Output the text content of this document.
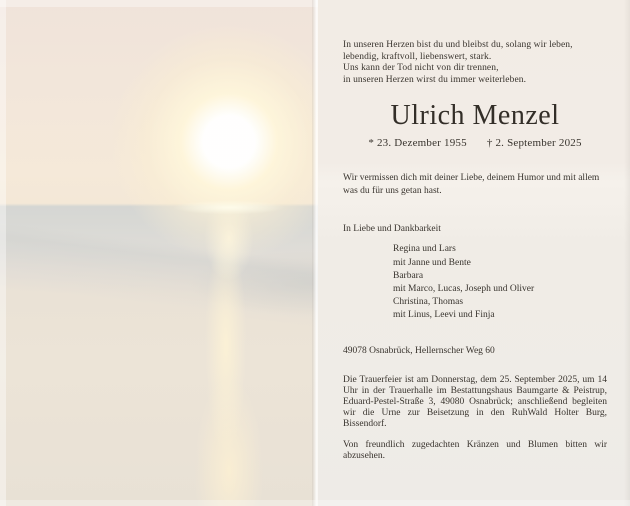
In unseren Herzen bist du und bleibst du, solang wir leben,
lebendig, kraftvoll, liebenswert, stark.
Uns kann der Tod nicht von dir trennen,
in unseren Herzen wirst du immer weiterleben.
Ulrich Menzel
* 23. Dezember 1955 † 2. September 2025

Wir vermissen dich mit deiner Liebe, deinem Humor und mit allem was du für uns getan hast.

In Liebe und Dankbarkeit

Regina und Lars
mit Janne und Bente
Barbara
mit Marco, Lucas, Joseph und Oliver
Christina, Thomas
mit Linus, Leevi und Finja

49078 Osnabrück, Hellernscher Weg 60

Die Trauerfeier ist am Donnerstag, dem 25. September 2025, um 14 Uhr in der Trauerhalle im Bestattungshaus Baumgarte & Peistrup, Eduard-Pestel-Straße 3, 49080 Osnabrück; anschließend begleiten wir die Urne zur Beisetzung in den RuhWald Holter Burg, Bissendorf.

Von freundlich zugedachten Kränzen und Blumen bitten wir abzusehen.
